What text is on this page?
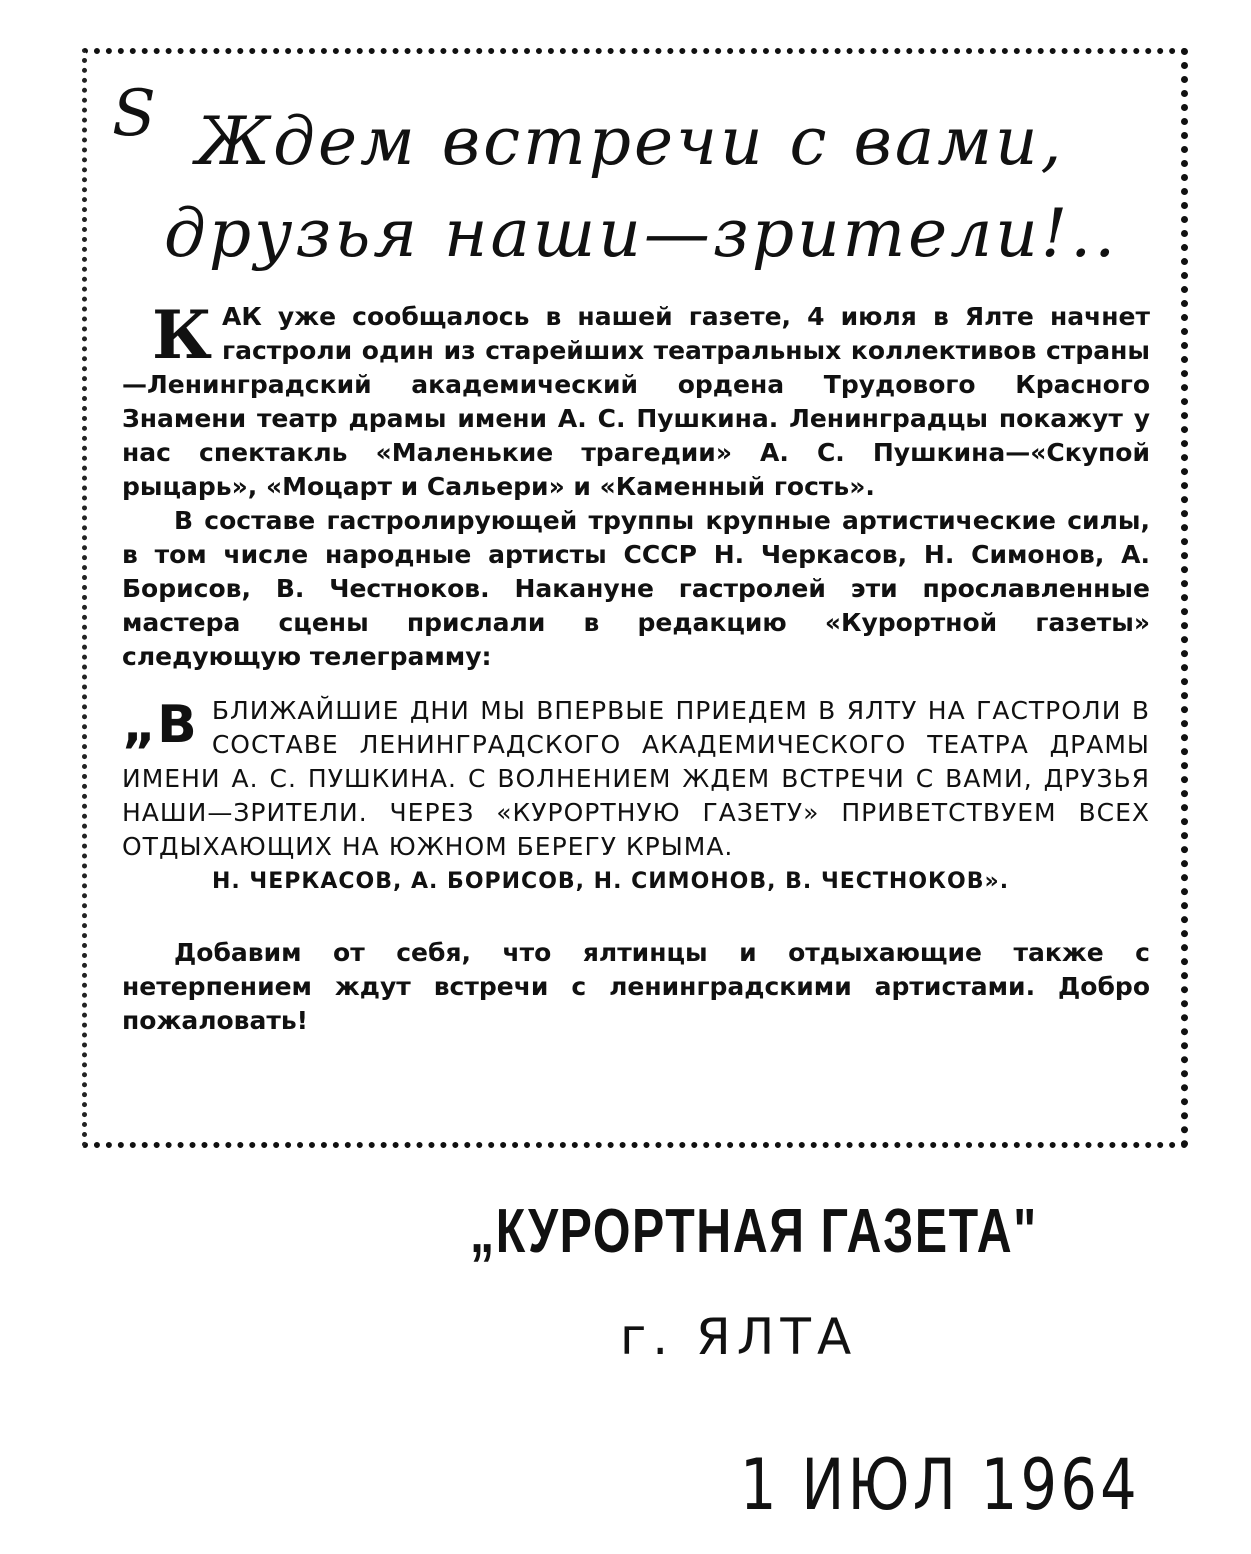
S Ждем встречи с вами,
друзья наши—зрители!..

КАК уже сообщалось в нашей газете, 4 июля в Ялте начнет гастроли один из старейших театральных коллективов страны—Ленинградский академический ордена Трудового Красного Знамени театр драмы имени А. С. Пушкина. Ленинградцы покажут у нас спектакль «Маленькие трагедии» А. С. Пушкина—«Скупой рыцарь», «Моцарт и Сальери» и «Каменный гость».

В составе гастролирующей труппы крупные артистические силы, в том числе народные артисты СССР Н. Черкасов, Н. Симонов, А. Борисов, В. Честноков. Накануне гастролей эти прославленные мастера сцены прислали в редакцию «Курортной газеты» следующую телеграмму:

„ВБЛИЖАЙШИЕ ДНИ МЫ ВПЕРВЫЕ ПРИЕДЕМ В ЯЛТУ НА ГАСТРОЛИ В СОСТАВЕ ЛЕНИНГРАДСКОГО АКАДЕМИЧЕСКОГО ТЕАТРА ДРАМЫ ИМЕНИ А. С. ПУШКИНА. С ВОЛНЕНИЕМ ЖДЕМ ВСТРЕЧИ С ВАМИ, ДРУЗЬЯ НАШИ—ЗРИТЕЛИ. ЧЕРЕЗ «КУРОРТНУЮ ГАЗЕТУ» ПРИВЕТСТВУЕМ ВСЕХ ОТДЫХАЮЩИХ НА ЮЖНОМ БЕРЕГУ КРЫМА.
Н. ЧЕРКАСОВ, А. БОРИСОВ, Н. СИМОНОВ, В. ЧЕСТНОКОВ».

Добавим от себя, что ялтинцы и отдыхающие также с нетерпением ждут встречи с ленинградскими артистами. Добро пожаловать!

„КУРОРТНАЯ ГАЗЕТА"
г. ЯЛТА
1 ИЮЛ 1964
